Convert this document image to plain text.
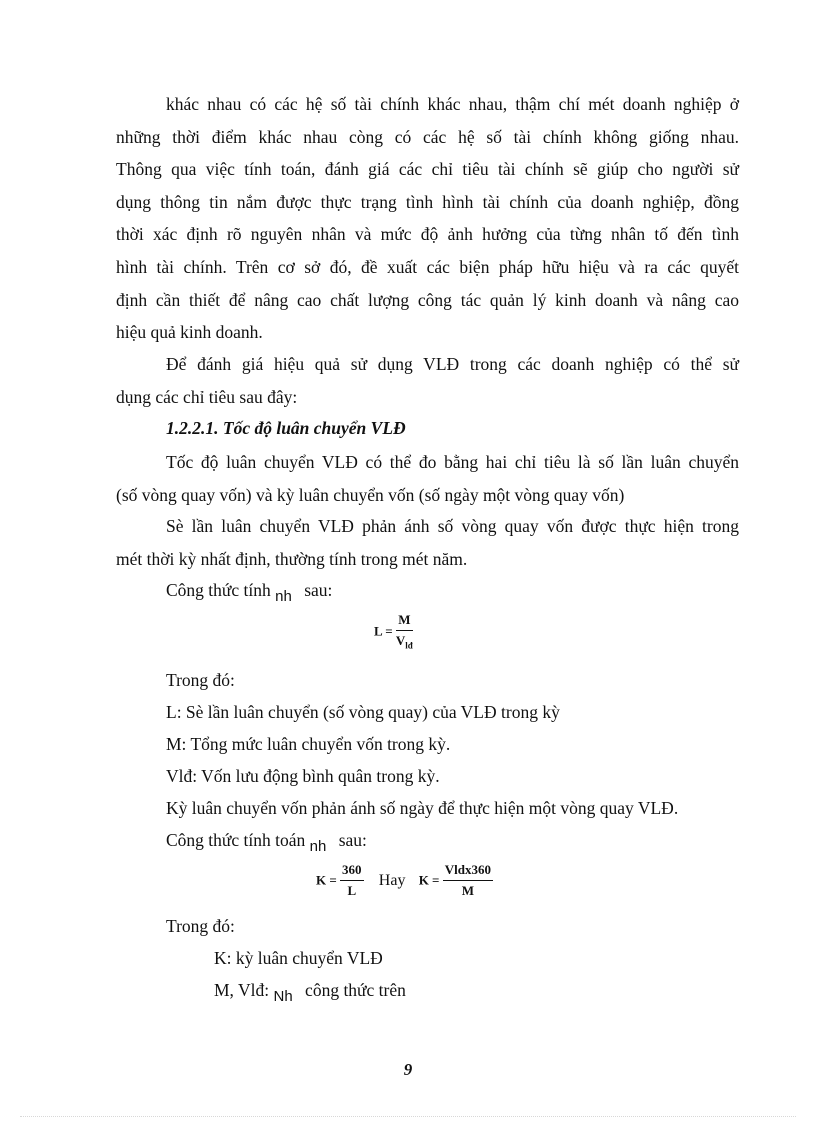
khác nhau có các hệ số tài chính khác nhau, thậm chí mét doanh nghiệp ở
những thời điểm khác nhau còng có các hệ số tài chính không giống nhau.
Thông qua việc tính toán, đánh giá các chỉ tiêu tài chính sẽ giúp cho người sử
dụng thông tin nắm được thực trạng tình hình tài chính của doanh nghiệp, đồng
thời xác định rõ nguyên nhân và mức độ ảnh hưởng của từng nhân tố đến tình
hình tài chính. Trên cơ sở đó, đề xuất các biện pháp hữu hiệu và ra các quyết
định cần thiết để nâng cao chất lượng công tác quản lý kinh doanh và nâng cao
hiệu quả kinh doanh.
Để đánh giá hiệu quả sử dụng VLĐ trong các doanh nghiệp có thể sử
dụng các chỉ tiêu sau đây:

1.2.2.1. Tốc độ luân chuyển VLĐ

Tốc độ luân chuyển VLĐ có thể đo bằng hai chỉ tiêu là số lần luân chuyển
(số vòng quay vốn) và kỳ luân chuyển vốn (số ngày một vòng quay vốn)
Sè lần luân chuyển VLĐ phản ánh số vòng quay vốn được thực hiện trong
mét thời kỳ nhất định, thường tính trong mét năm.

Công thức tính nh sau:

$L = \frac{M}{V_{lđ}}$

Trong đó:

L: Sè lần luân chuyển (số vòng quay) của VLĐ trong kỳ

M: Tổng mức luân chuyển vốn trong kỳ.

Vlđ: Vốn lưu động bình quân trong kỳ.

Kỳ luân chuyển vốn phản ánh số ngày để thực hiện một vòng quay VLĐ.

Công thức tính toán nh sau:

$K = \frac{360}{L}$ Hay $K = \frac{\text{Vldx360}}{M}$

Trong đó:

K: kỳ luân chuyển VLĐ

M, Vlđ: Nh công thức trên

9
